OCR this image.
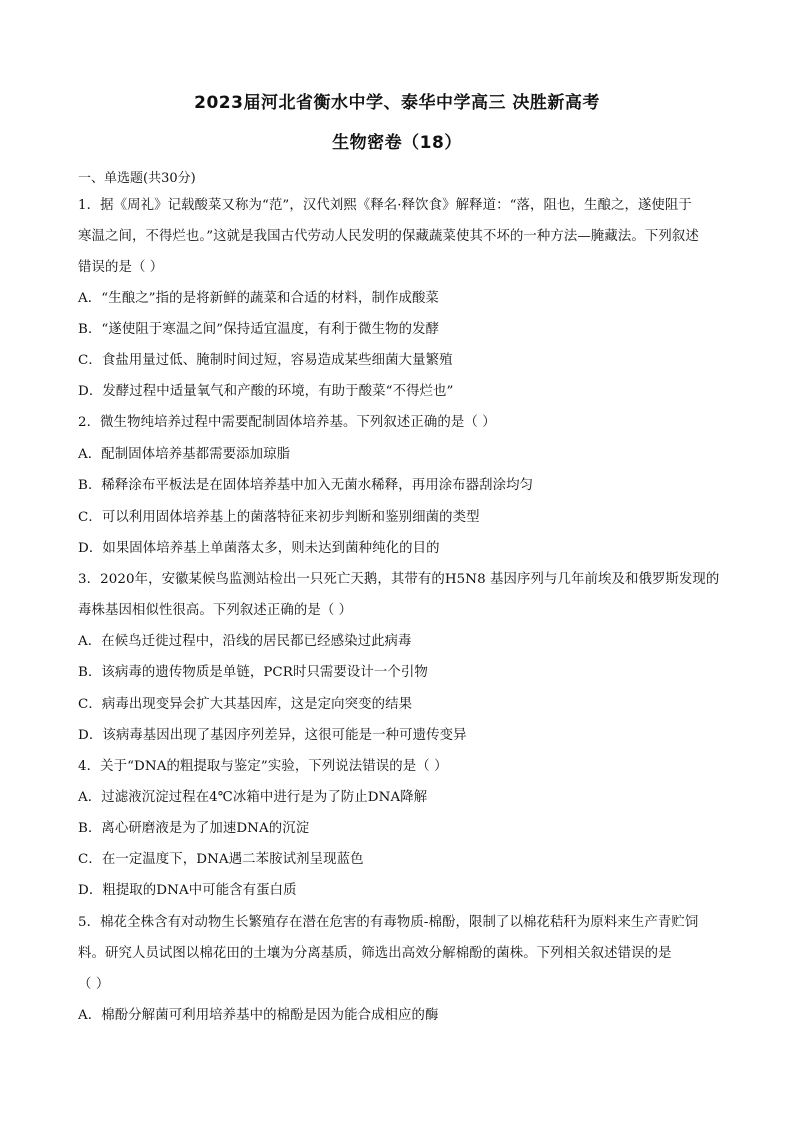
2023届河北省衡水中学、泰华中学高三 决胜新高考
生物密卷（18）
一、单选题(共30分)
1．据《周礼》记载酸菜又称为“范”，汉代刘熙《释名·释饮食》解释道：“落，阻也，生酿之，遂使阻于
寒温之间，不得烂也。”这就是我国古代劳动人民发明的保藏蔬菜使其不坏的一种方法—腌藏法。下列叙述
错误的是（ ）
A．“生酿之”指的是将新鲜的蔬菜和合适的材料，制作成酸菜
B．“遂使阻于寒温之间”保持适宜温度，有利于微生物的发酵
C．食盐用量过低、腌制时间过短，容易造成某些细菌大量繁殖
D．发酵过程中适量氧气和产酸的环境，有助于酸菜“不得烂也”
2．微生物纯培养过程中需要配制固体培养基。下列叙述正确的是（ ）
A．配制固体培养基都需要添加琼脂
B．稀释涂布平板法是在固体培养基中加入无菌水稀释，再用涂布器刮涂均匀
C．可以利用固体培养基上的菌落特征来初步判断和鉴别细菌的类型
D．如果固体培养基上单菌落太多，则未达到菌种纯化的目的
3．2020年，安徽某候鸟监测站检出一只死亡天鹅，其带有的H5N8 基因序列与几年前埃及和俄罗斯发现的
毒株基因相似性很高。下列叙述正确的是（ ）
A．在候鸟迁徙过程中，沿线的居民都已经感染过此病毒
B．该病毒的遗传物质是单链，PCR时只需要设计一个引物
C．病毒出现变异会扩大其基因库，这是定向突变的结果
D．该病毒基因出现了基因序列差异，这很可能是一种可遗传变异
4．关于“DNA的粗提取与鉴定”实验，下列说法错误的是（ ）
A．过滤液沉淀过程在4℃冰箱中进行是为了防止DNA降解
B．离心研磨液是为了加速DNA的沉淀
C．在一定温度下，DNA遇二苯胺试剂呈现蓝色
D．粗提取的DNA中可能含有蛋白质
5．棉花全株含有对动物生长繁殖存在潜在危害的有毒物质-棉酚，限制了以棉花秸秆为原料来生产青贮饲
料。研究人员试图以棉花田的土壤为分离基质，筛选出高效分解棉酚的菌株。下列相关叙述错误的是
（ ）
A．棉酚分解菌可利用培养基中的棉酚是因为能合成相应的酶
